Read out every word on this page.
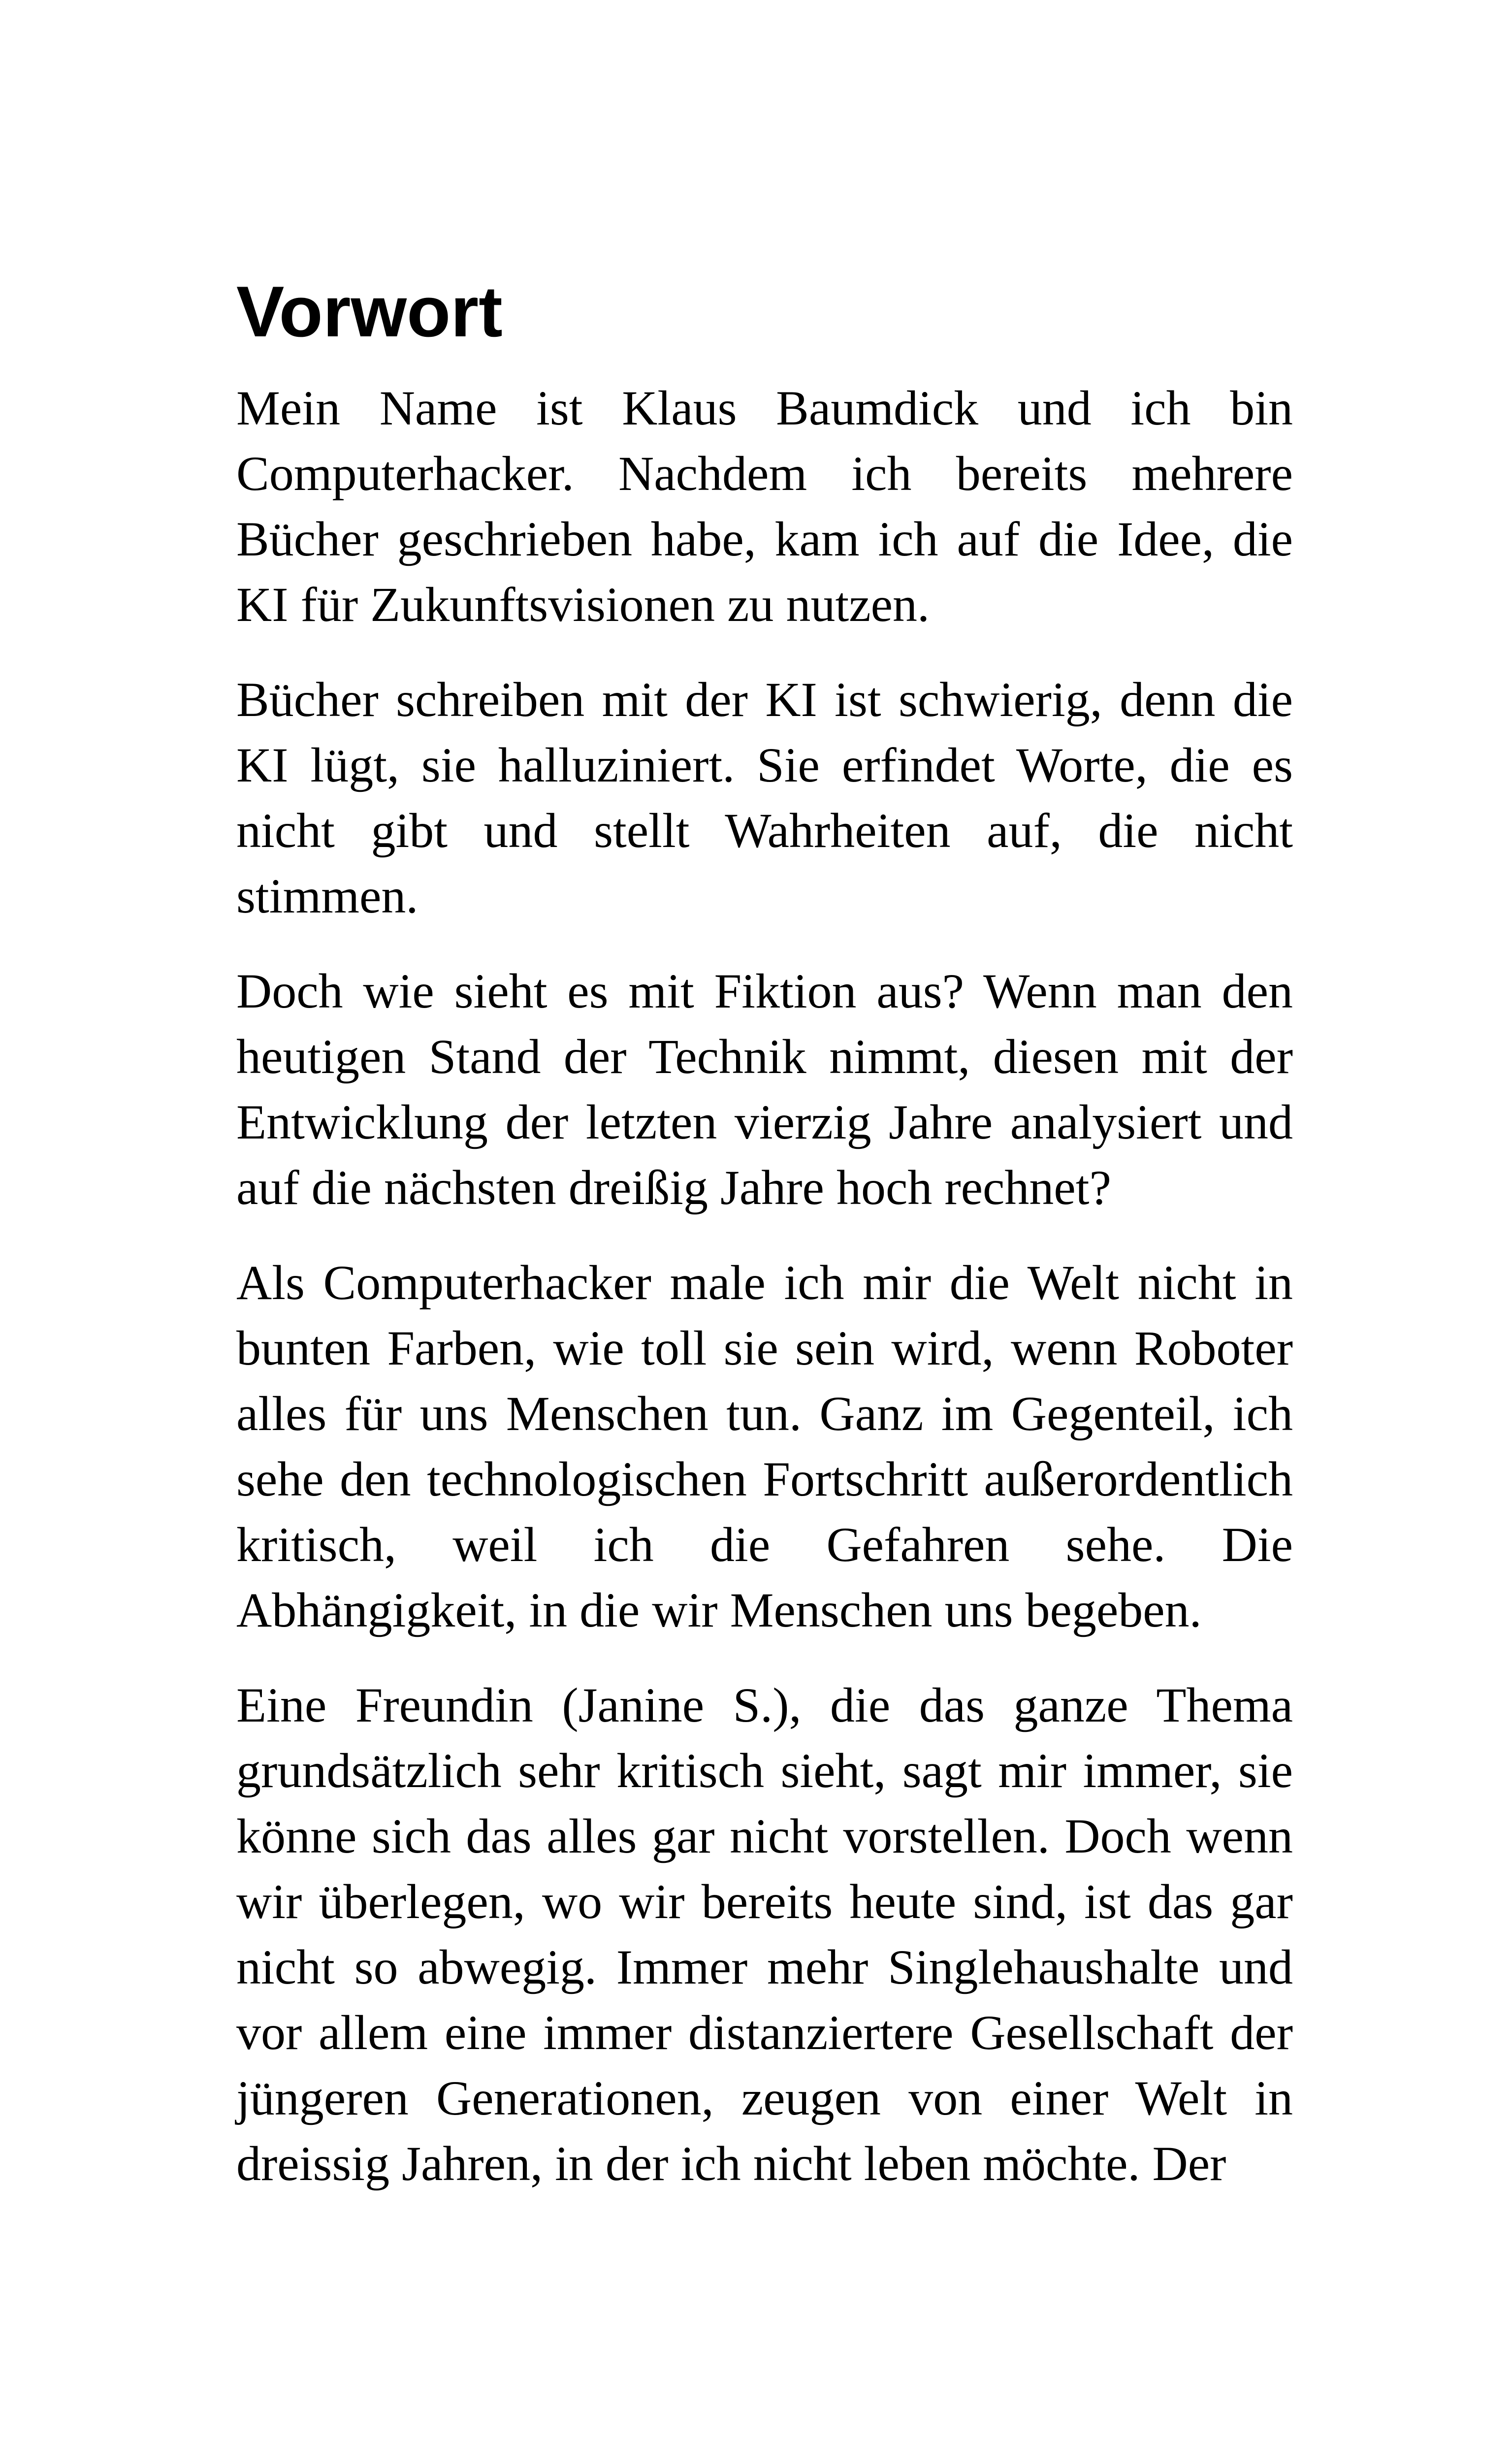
Vorwort

Mein Name ist Klaus Baumdick und ich bin Computerhacker. Nachdem ich bereits mehrere Bücher geschrieben habe, kam ich auf die Idee, die KI für Zukunftsvisionen zu nutzen.

Bücher schreiben mit der KI ist schwierig, denn die KI lügt, sie halluziniert. Sie erfindet Worte, die es nicht gibt und stellt Wahrheiten auf, die nicht stimmen.

Doch wie sieht es mit Fiktion aus? Wenn man den heutigen Stand der Technik nimmt, diesen mit der Entwicklung der letzten vierzig Jahre analysiert und auf die nächsten dreißig Jahre hoch rechnet?

Als Computerhacker male ich mir die Welt nicht in bunten Farben, wie toll sie sein wird, wenn Roboter alles für uns Menschen tun. Ganz im Gegenteil, ich sehe den technologischen Fortschritt außerordentlich kritisch, weil ich die Gefahren sehe. Die Abhängigkeit, in die wir Menschen uns begeben.

Eine Freundin (Janine S.), die das ganze Thema grundsätzlich sehr kritisch sieht, sagt mir immer, sie könne sich das alles gar nicht vorstellen. Doch wenn wir überlegen, wo wir bereits heute sind, ist das gar nicht so abwegig. Immer mehr Singlehaushalte und vor allem eine immer distanziertere Gesellschaft der jüngeren Generationen, zeugen von einer Welt in dreissig Jahren, in der ich nicht leben möchte. Der
